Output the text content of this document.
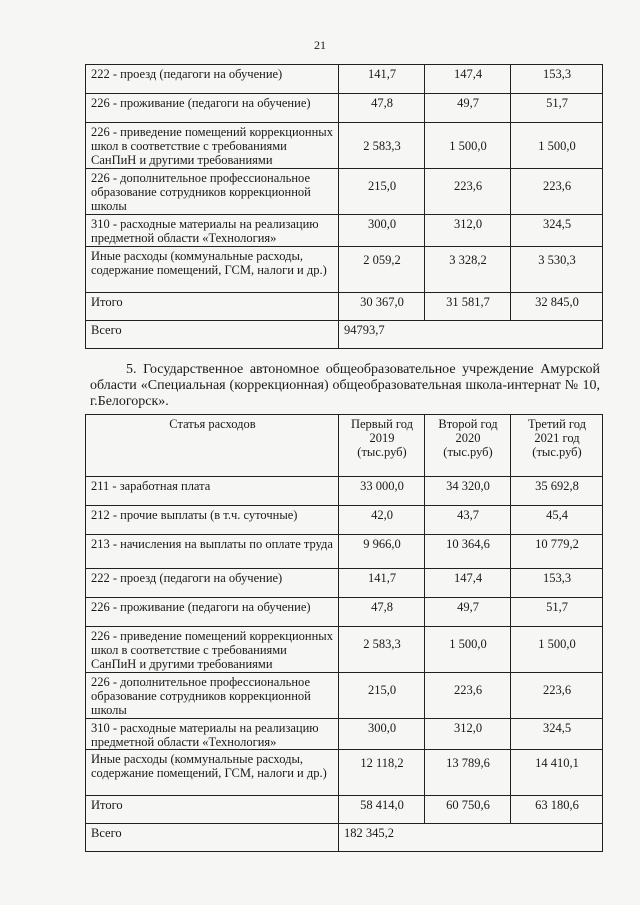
21
222 - проезд (педагоги на обучение)	141,7	147,4	153,3
226 - проживание (педагоги на обучение)	47,8	49,7	51,7
226 - приведение помещений коррекционных школ в соответствие с требованиями СанПиН и другими требованиями	2 583,3	1 500,0	1 500,0
226 - дополнительное профессиональное образование сотрудников коррекционной школы	215,0	223,6	223,6
310 - расходные материалы на реализацию предметной области «Технология»	300,0	312,0	324,5
Иные расходы (коммунальные расходы, содержание помещений, ГСМ, налоги и др.)	2 059,2	3 328,2	3 530,3
Итого	30 367,0	31 581,7	32 845,0
Всего	94793,7		
5. Государственное автономное общеобразовательное учреждение Амурской области «Специальная (коррекционная) общеобразовательная школа-интернат № 10, г.Белогорск».
Статья расходов	Первый год 2019 (тыс.руб)	Второй год 2020 (тыс.руб)	Третий год 2021 год (тыс.руб)
211 - заработная плата	33 000,0	34 320,0	35 692,8
212 - прочие выплаты (в т.ч. суточные)	42,0	43,7	45,4
213 - начисления на выплаты по оплате труда	9 966,0	10 364,6	10 779,2
222 - проезд (педагоги на обучение)	141,7	147,4	153,3
226 - проживание (педагоги на обучение)	47,8	49,7	51,7
226 - приведение помещений коррекционных школ в соответствие с требованиями СанПиН и другими требованиями	2 583,3	1 500,0	1 500,0
226 - дополнительное профессиональное образование сотрудников коррекционной школы	215,0	223,6	223,6
310 - расходные материалы на реализацию предметной области «Технология»	300,0	312,0	324,5
Иные расходы (коммунальные расходы, содержание помещений, ГСМ, налоги и др.)	12 118,2	13 789,6	14 410,1
Итого	58 414,0	60 750,6	63 180,6
Всего	182 345,2		
